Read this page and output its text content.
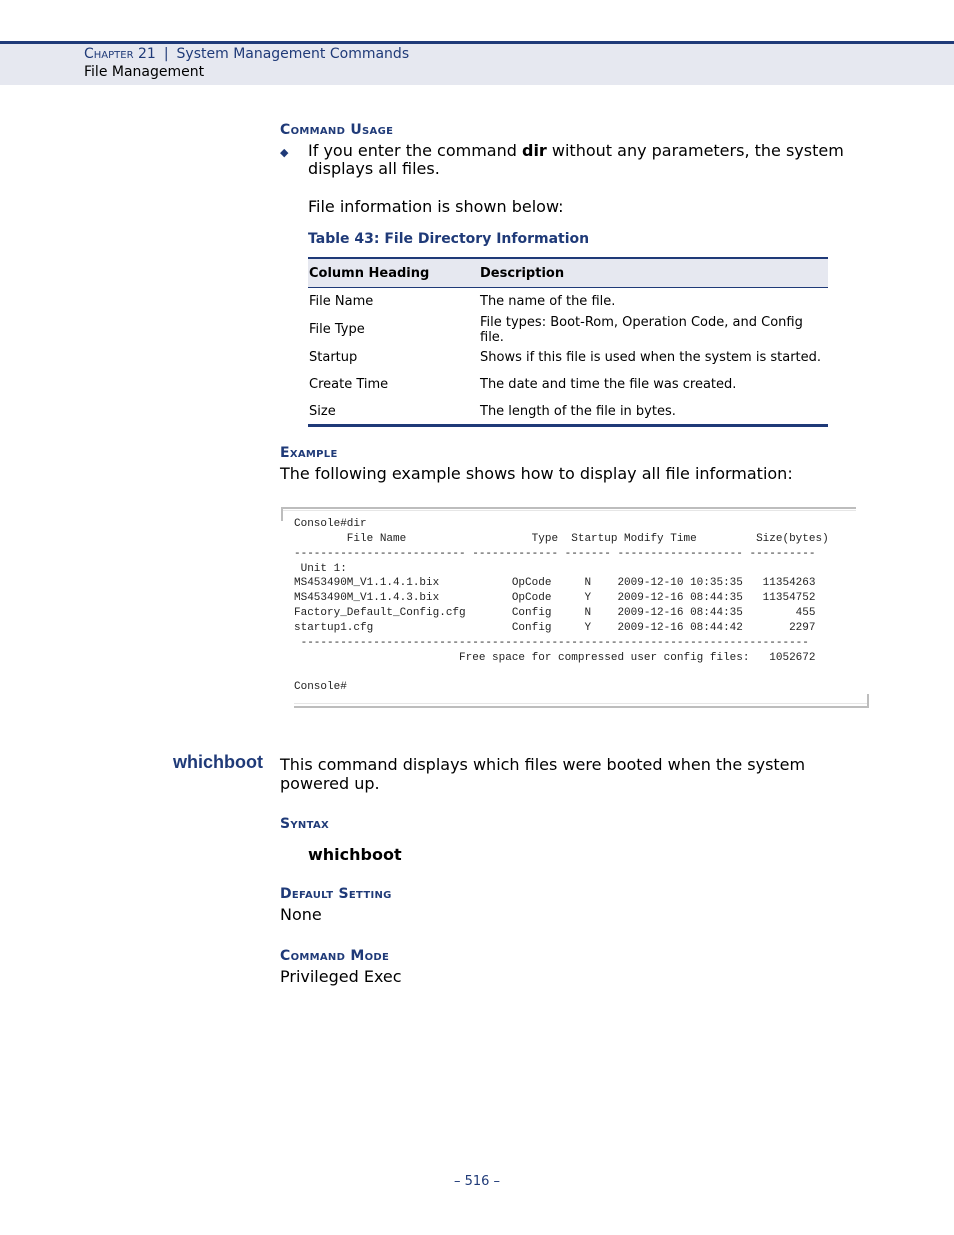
Chapter 21 | System Management Commands
File Management
Command Usage
◆ If you enter the command dir without any parameters, the system displays all files.
File information is shown below:
Table 43: File Directory Information
Column Heading	Description
File Name	The name of the file.
File Type	File types: Boot-Rom, Operation Code, and Config file.
Startup	Shows if this file is used when the system is started.
Create Time	The date and time the file was created.
Size	The length of the file in bytes.
Example
The following example shows how to display all file information:
Console#dir
File Name                   Type  Startup Modify Time         Size(bytes)
-------------------------- ------------- ------- ------------------- ----------
Unit 1:
MS453490M_V1.1.4.1.bix           OpCode     N    2009-12-10 10:35:35   11354263
MS453490M_V1.1.4.3.bix           OpCode     Y    2009-12-16 08:44:35   11354752
Factory_Default_Config.cfg       Config     N    2009-12-16 08:44:35        455
startup1.cfg                     Config     Y    2009-12-16 08:44:42       2297
-----------------------------------------------------------------------------
Free space for compressed user config files:   1052672

Console#
whichboot This command displays which files were booted when the system powered up.
Syntax
whichboot
Default Setting
None
Command Mode
Privileged Exec
– 516 –
